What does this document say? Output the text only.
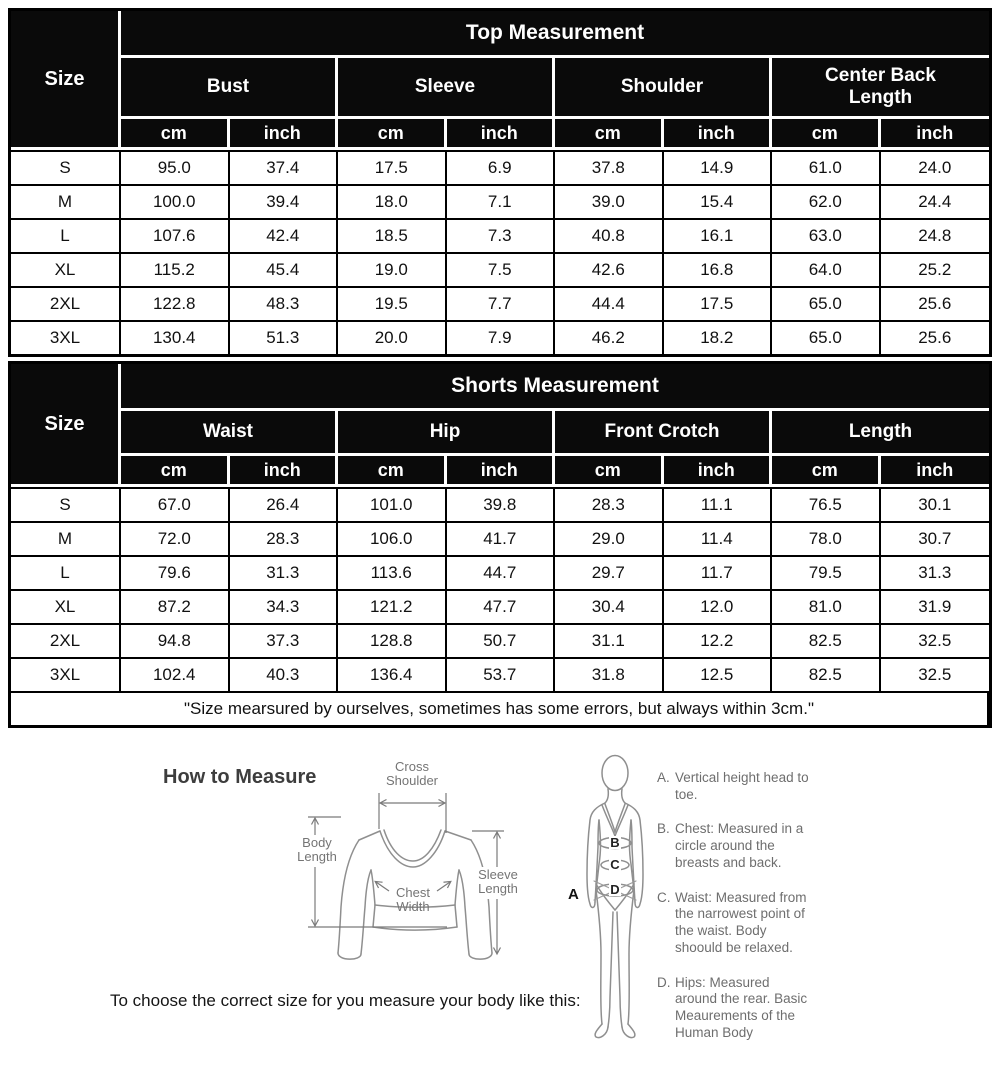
Size	Top Measurement							
	Bust		Sleeve		Shoulder		Center Back Length	
	cm	inch	cm	inch	cm	inch	cm	inch
S	95.0	37.4	17.5	6.9	37.8	14.9	61.0	24.0
M	100.0	39.4	18.0	7.1	39.0	15.4	62.0	24.4
L	107.6	42.4	18.5	7.3	40.8	16.1	63.0	24.8
XL	115.2	45.4	19.0	7.5	42.6	16.8	64.0	25.2
2XL	122.8	48.3	19.5	7.7	44.4	17.5	65.0	25.6
3XL	130.4	51.3	20.0	7.9	46.2	18.2	65.0	25.6
Size	Shorts Measurement							
	Waist		Hip		Front Crotch		Length	
	cm	inch	cm	inch	cm	inch	cm	inch
S	67.0	26.4	101.0	39.8	28.3	11.1	76.5	30.1
M	72.0	28.3	106.0	41.7	29.0	11.4	78.0	30.7
L	79.6	31.3	113.6	44.7	29.7	11.7	79.5	31.3
XL	87.2	34.3	121.2	47.7	30.4	12.0	81.0	31.9
2XL	94.8	37.3	128.8	50.7	31.1	12.2	82.5	32.5
3XL	102.4	40.3	136.4	53.7	31.8	12.5	82.5	32.5
"Size mearsured by ourselves, sometimes has some errors, but always within 3cm."								
How to Measure	Cross
Shoulder
Body
Length
Chest
Width
Sleeve
Length
B
C
D
A
A. Vertical height head to toe.
B. Chest: Measured in a circle around the breasts and back.
C. Waist: Measured from the narrowest point of the waist. Body shoould be relaxed.
D. Hips: Measured around the rear. Basic Meaurements of the Human Body
To choose the correct size for you measure your body like this:
